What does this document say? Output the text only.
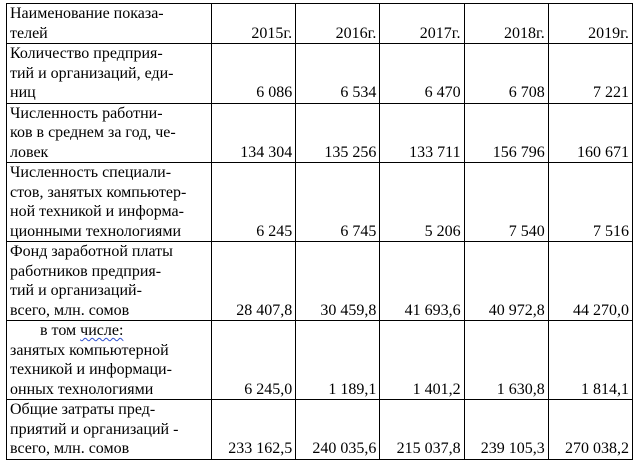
Наименование показа-
телей	2015г.	2016г.	2017г.	2018г.	2019г.

Количество предприя-
тий и организаций, еди-
ниц	6 086	6 534	6 470	6 708	7 221

Численность работни-
ков в среднем за год, че-
ловек	134 304	135 256	133 711	156 796	160 671

Численность специали-
стов, занятых компьютер-
ной техникой и информа-
ционными технологиями	6 245	6 745	5 206	7 540	7 516

Фонд заработной платы
работников предприя-
тий и организаций-
всего, млн. сомов	28 407,8	30 459,8	41 693,6	40 972,8	44 270,0

в том числе:
занятых компьютерной
техникой и информаци-
онных технологиями	6 245,0	1 189,1	1 401,2	1 630,8	1 814,1

Общие затраты пред-
приятий и организаций -
всего, млн. сомов	233 162,5	240 035,6	215 037,8	239 105,3	270 038,2
